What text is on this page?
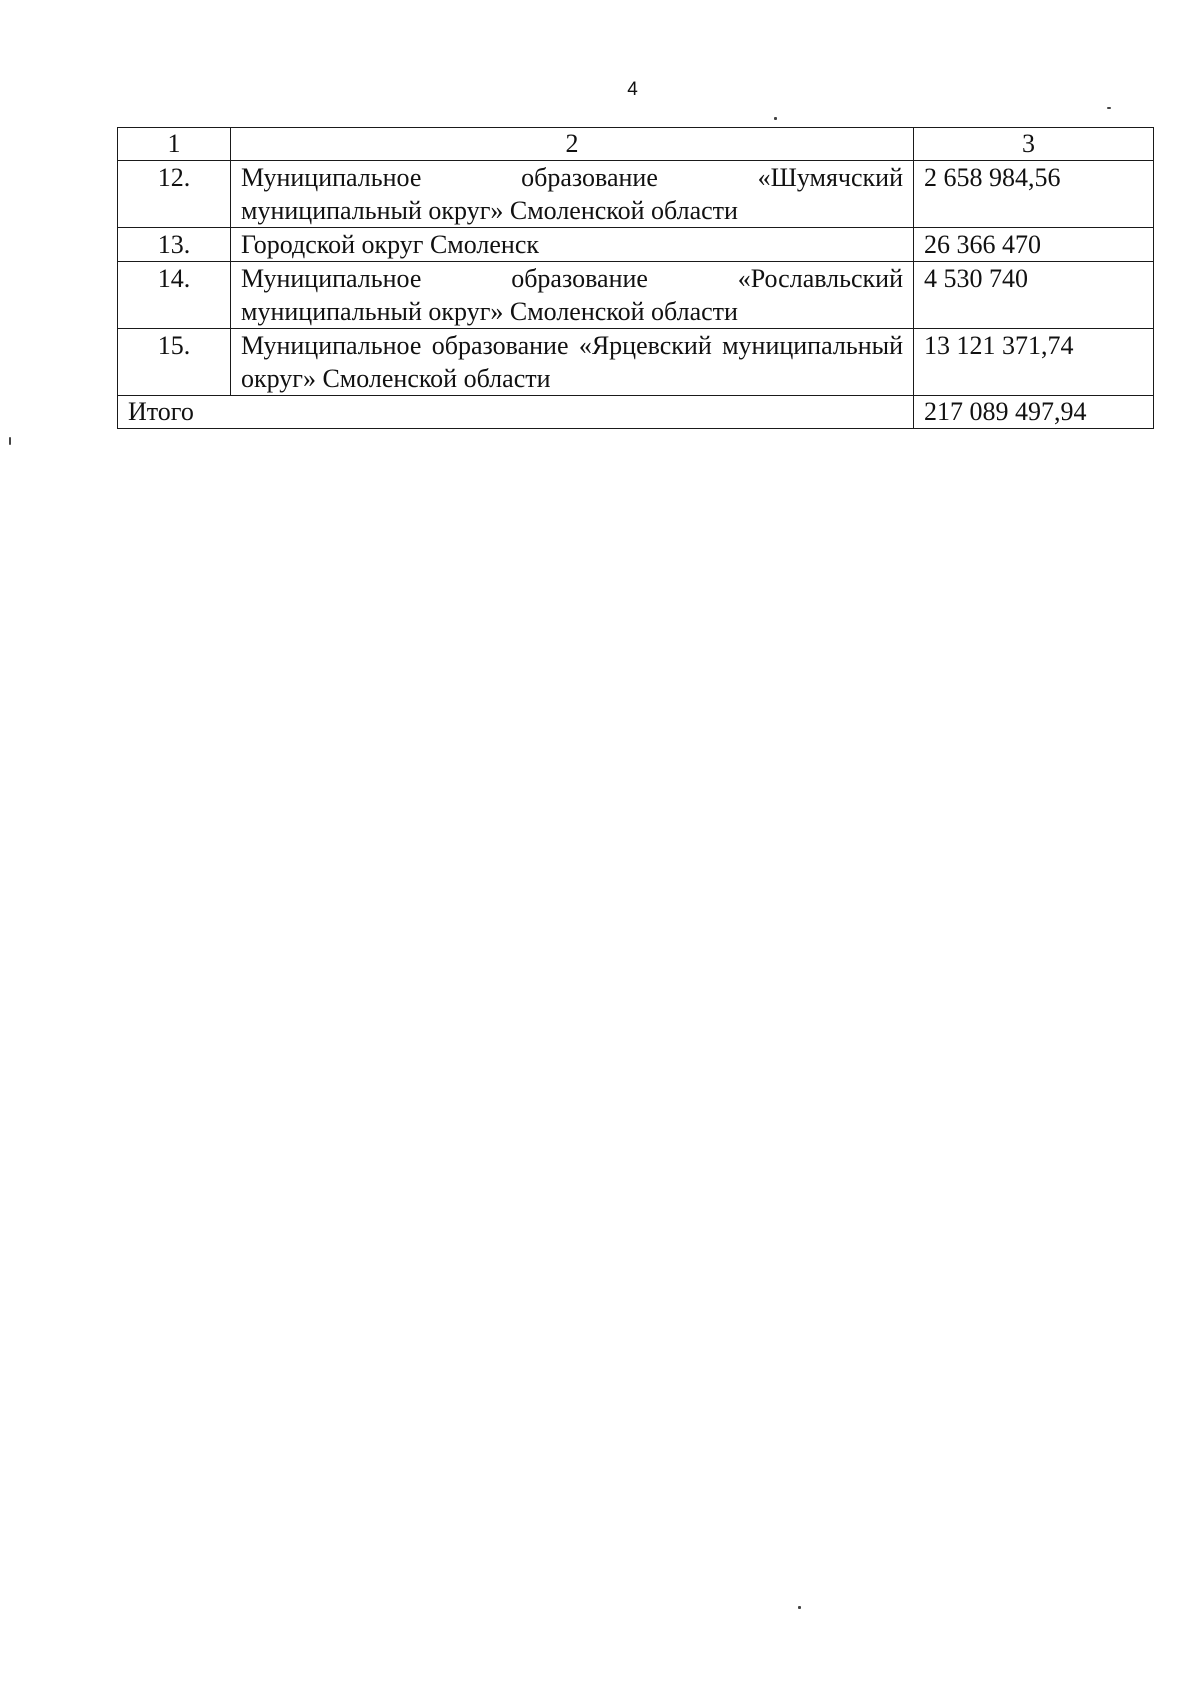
4
1	2	3
12.	Муниципальное образование «Шумячский муниципальный округ» Смоленской области	2 658 984,56
13.	Городской округ Смоленск	26 366 470
14.	Муниципальное образование «Рославльский муниципальный округ» Смоленской области	4 530 740
15.	Муниципальное образование «Ярцевский муниципальный округ» Смоленской области	13 121 371,74
Итого		217 089 497,94
